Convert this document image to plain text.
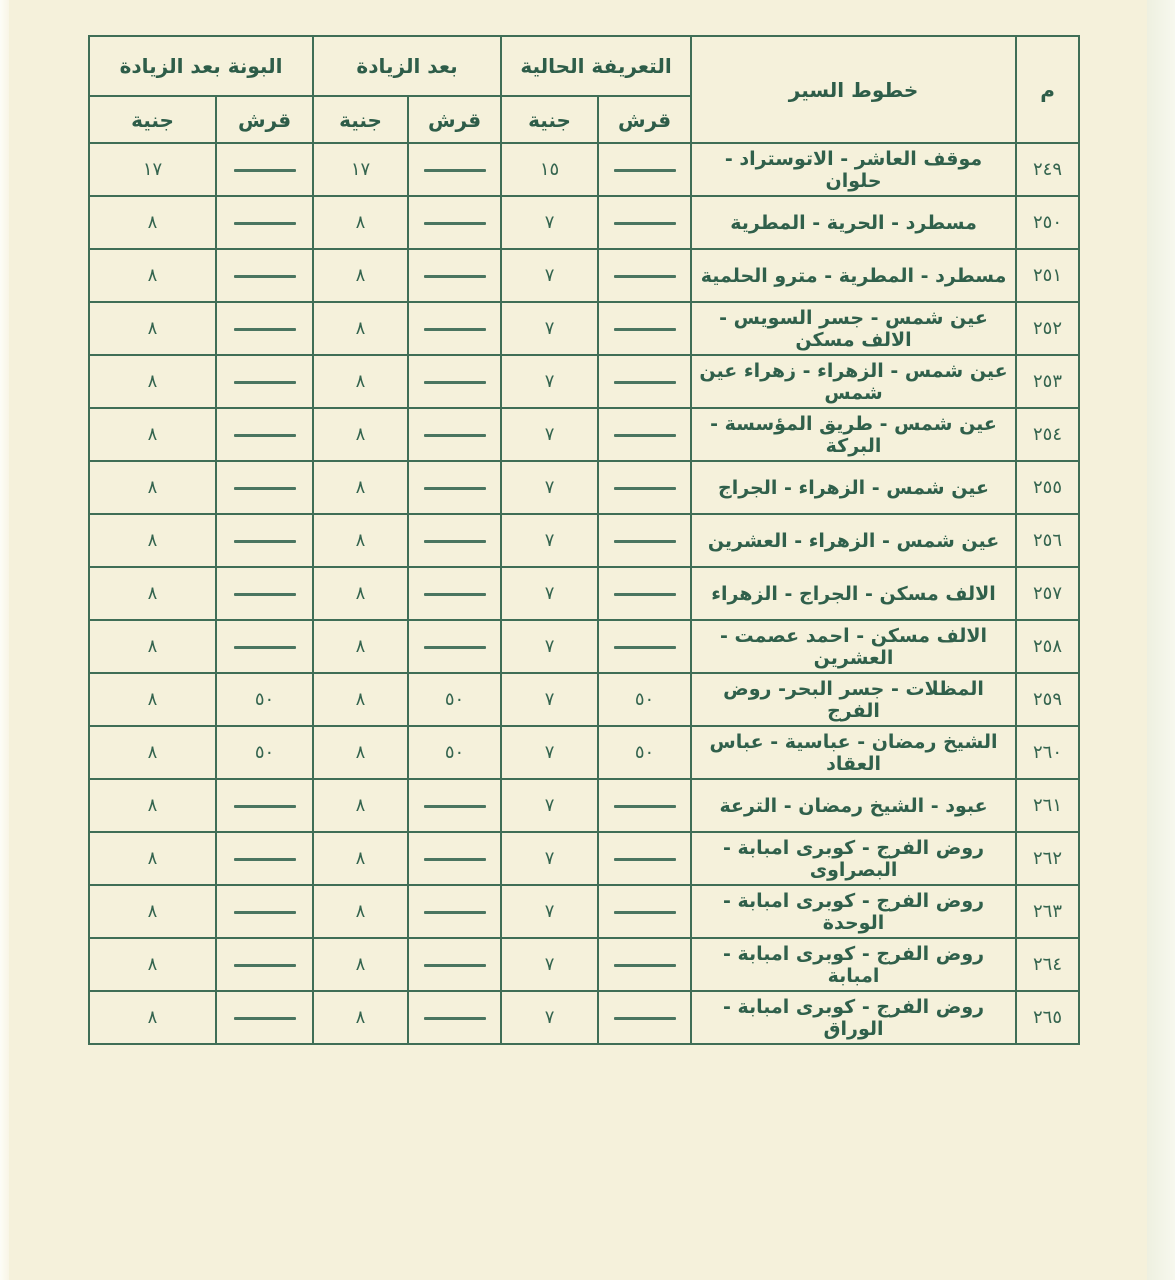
م	خطوط السير	التعريفة الحالية		بعد الزيادة		البونة بعد الزيادة	
		قرش	جنية	قرش	جنية	قرش	جنية
٢٤٩	موقف العاشر - الاتوستراد - حلوان		١٥		١٧		١٧
٢٥٠	مسطرد - الحرية - المطرية		٧		٨		٨
٢٥١	مسطرد - المطرية - مترو الحلمية		٧		٨		٨
٢٥٢	عين شمس - جسر السويس - الالف مسكن		٧		٨		٨
٢٥٣	عين شمس - الزهراء - زهراء عين شمس		٧		٨		٨
٢٥٤	عين شمس - طريق المؤسسة - البركة		٧		٨		٨
٢٥٥	عين شمس - الزهراء - الجراج		٧		٨		٨
٢٥٦	عين شمس - الزهراء - العشرين		٧		٨		٨
٢٥٧	الالف مسكن - الجراج - الزهراء		٧		٨		٨
٢٥٨	الالف مسكن - احمد عصمت - العشرين		٧		٨		٨
٢٥٩	المظلات - جسر البحر- روض الفرج	٥٠	٧	٥٠	٨	٥٠	٨
٢٦٠	الشيخ رمضان - عباسية - عباس العقاد	٥٠	٧	٥٠	٨	٥٠	٨
٢٦١	عبود - الشيخ رمضان - الترعة		٧		٨		٨
٢٦٢	روض الفرج - كوبرى امبابة - البصراوى		٧		٨		٨
٢٦٣	روض الفرج - كوبرى امبابة - الوحدة		٧		٨		٨
٢٦٤	روض الفرج - كوبرى امبابة - امبابة		٧		٨		٨
٢٦٥	روض الفرج - كوبرى امبابة - الوراق		٧		٨		٨
